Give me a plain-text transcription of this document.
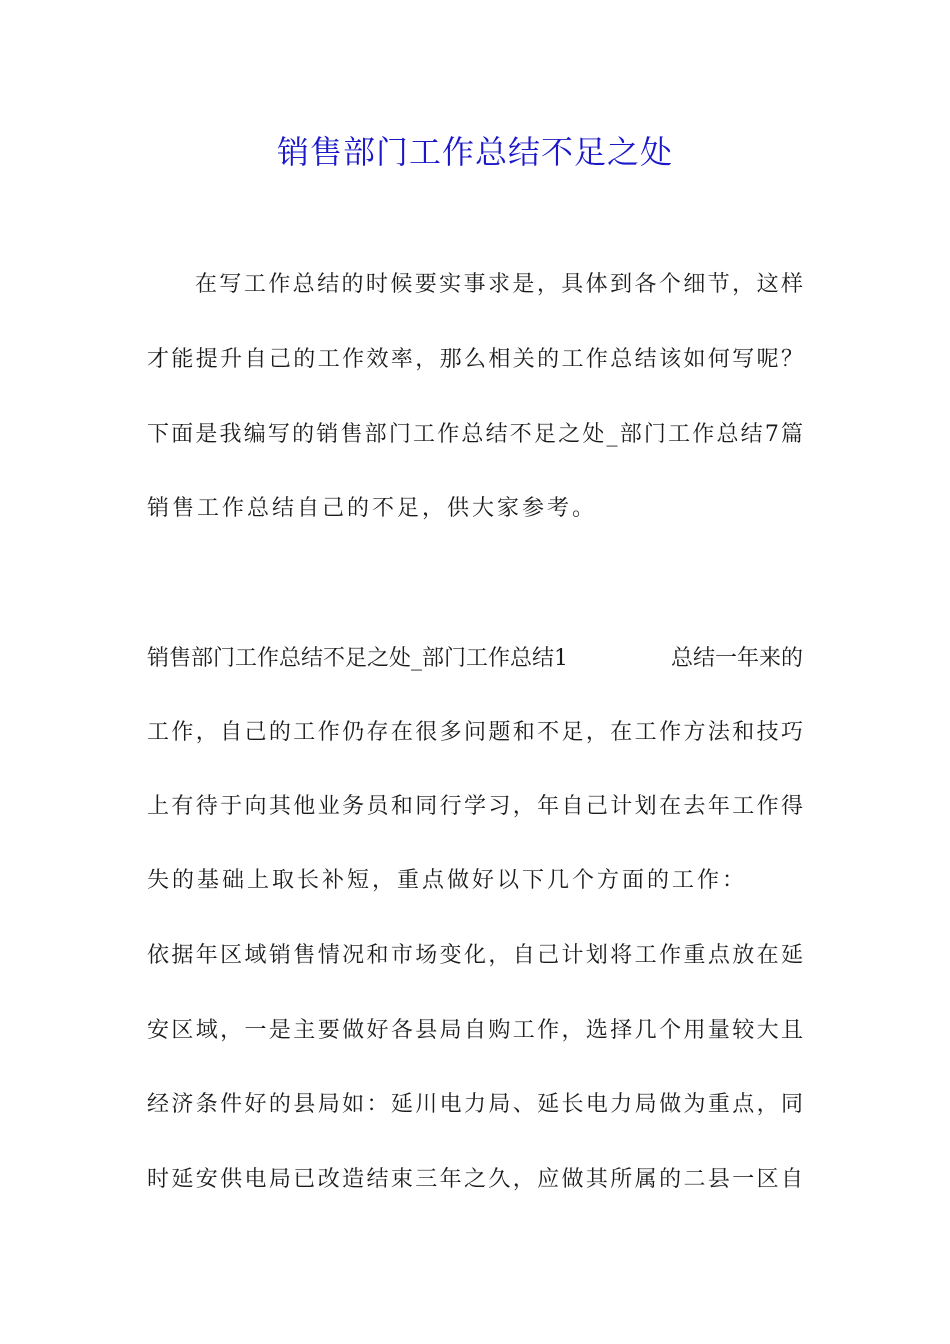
销售部门工作总结不足之处
在写工作总结的时候要实事求是，具体到各个细节，这样
才能提升自己的工作效率，那么相关的工作总结该如何写呢？
下面是我编写的销售部门工作总结不足之处_部门工作总结7篇
销售工作总结自己的不足，供大家参考。
销售部门工作总结不足之处_部门工作总结1	总结一年来的
工作，自己的工作仍存在很多问题和不足，在工作方法和技巧
上有待于向其他业务员和同行学习，年自己计划在去年工作得
失的基础上取长补短，重点做好以下几个方面的工作：
依据年区域销售情况和市场变化，自己计划将工作重点放在延
安区域，一是主要做好各县局自购工作，选择几个用量较大且
经济条件好的县局如：延川电力局、延长电力局做为重点，同
时延安供电局已改造结束三年之久，应做其所属的二县一区自
